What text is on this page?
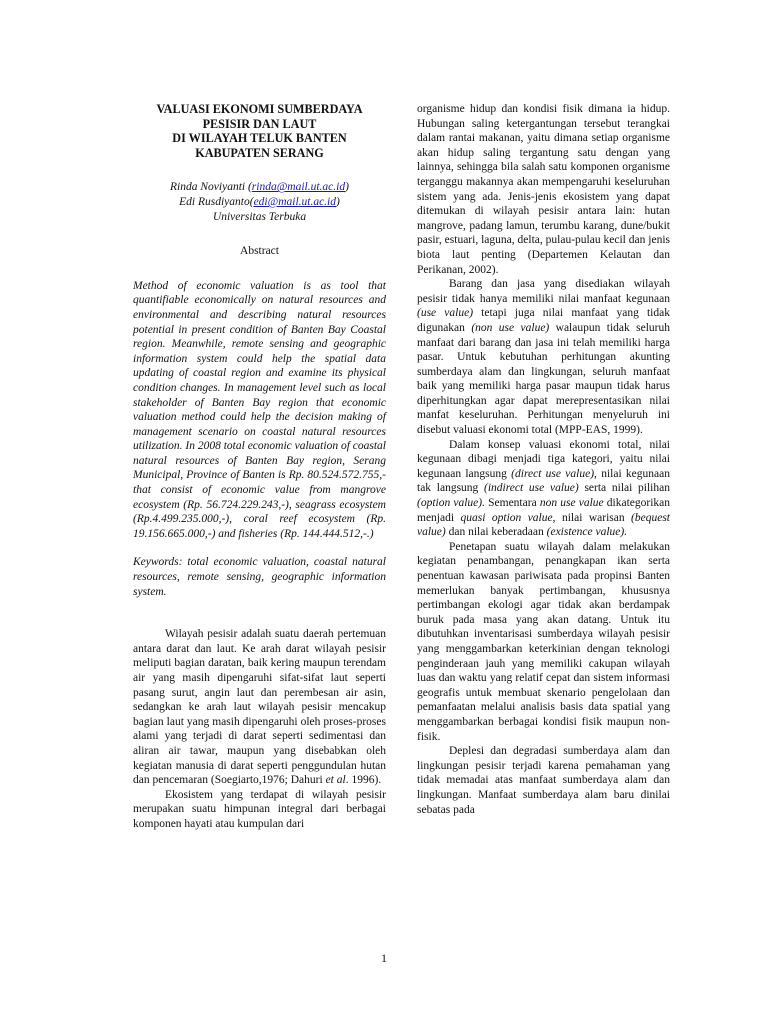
VALUASI EKONOMI SUMBERDAYA
PESISIR DAN LAUT
DI WILAYAH TELUK BANTEN
KABUPATEN SERANG

Rinda Noviyanti (rinda@mail.ut.ac.id)
Edi Rusdiyanto(edi@mail.ut.ac.id)
Universitas Terbuka
Abstract
Method of economic valuation is as tool that quantifiable economically on natural resources and environmental and describing natural resources potential in present condition of Banten Bay Coastal region. Meanwhile, remote sensing and geographic information system could help the spatial data updating of coastal region and examine its physical condition changes. In management level such as local stakeholder of Banten Bay region that economic valuation method could help the decision making of management scenario on coastal natural resources utilization. In 2008 total economic valuation of coastal natural resources of Banten Bay region, Serang Municipal, Province of Banten is Rp. 80.524.572.755,- that consist of economic value from mangrove ecosystem (Rp. 56.724.229.243,-), seagrass ecosystem (Rp.4.499.235.000,-), coral reef ecosystem (Rp. 19.156.665.000,-) and fisheries (Rp. 144.444.512,-.)
Keywords: total economic valuation, coastal natural resources, remote sensing, geographic information system.

Wilayah pesisir adalah suatu daerah pertemuan antara darat dan laut. Ke arah darat wilayah pesisir meliputi bagian daratan, baik kering maupun terendam air yang masih dipengaruhi sifat-sifat laut seperti pasang surut, angin laut dan perembesan air asin, sedangkan ke arah laut wilayah pesisir mencakup bagian laut yang masih dipengaruhi oleh proses-proses alami yang terjadi di darat seperti sedimentasi dan aliran air tawar, maupun yang disebabkan oleh kegiatan manusia di darat seperti penggundulan hutan dan pencemaran (Soegiarto,1976; Dahuri et al. 1996).

Ekosistem yang terdapat di wilayah pesisir merupakan suatu himpunan integral dari berbagai komponen hayati atau kumpulan dari

organisme hidup dan kondisi fisik dimana ia hidup. Hubungan saling ketergantungan tersebut terangkai dalam rantai makanan, yaitu dimana setiap organisme akan hidup saling tergantung satu dengan yang lainnya, sehingga bila salah satu komponen organisme terganggu makannya akan mempengaruhi keseluruhan sistem yang ada. Jenis-jenis ekosistem yang dapat ditemukan di wilayah pesisir antara lain: hutan mangrove, padang lamun, terumbu karang, dune/bukit pasir, estuari, laguna, delta, pulau-pulau kecil dan jenis biota laut penting (Departemen Kelautan dan Perikanan, 2002).

Barang dan jasa yang disediakan wilayah pesisir tidak hanya memiliki nilai manfaat kegunaan (use value) tetapi juga nilai manfaat yang tidak digunakan (non use value) walaupun tidak seluruh manfaat dari barang dan jasa ini telah memiliki harga pasar. Untuk kebutuhan perhitungan akunting sumberdaya alam dan lingkungan, seluruh manfaat baik yang memiliki harga pasar maupun tidak harus diperhitungkan agar dapat merepresentasikan nilai manfat keseluruhan. Perhitungan menyeluruh ini disebut valuasi ekonomi total (MPP-EAS, 1999).

Dalam konsep valuasi ekonomi total, nilai kegunaan dibagi menjadi tiga kategori, yaitu nilai kegunaan langsung (direct use value), nilai kegunaan tak langsung (indirect use value) serta nilai pilihan (option value). Sementara non use value dikategorikan menjadi quasi option value, nilai warisan (bequest value) dan nilai keberadaan (existence value).

Penetapan suatu wilayah dalam melakukan kegiatan penambangan, penangkapan ikan serta penentuan kawasan pariwisata pada propinsi Banten memerlukan banyak pertimbangan, khususnya pertimbangan ekologi agar tidak akan berdampak buruk pada masa yang akan datang. Untuk itu dibutuhkan inventarisasi sumberdaya wilayah pesisir yang menggambarkan keterkinian dengan teknologi penginderaan jauh yang memiliki cakupan wilayah luas dan waktu yang relatif cepat dan sistem informasi geografis untuk membuat skenario pengelolaan dan pemanfaatan melalui analisis basis data spatial yang menggambarkan berbagai kondisi fisik maupun non-fisik.

Deplesi dan degradasi sumberdaya alam dan lingkungan pesisir terjadi karena pemahaman yang tidak memadai atas manfaat sumberdaya alam dan lingkungan. Manfaat sumberdaya alam baru dinilai sebatas pada

1
